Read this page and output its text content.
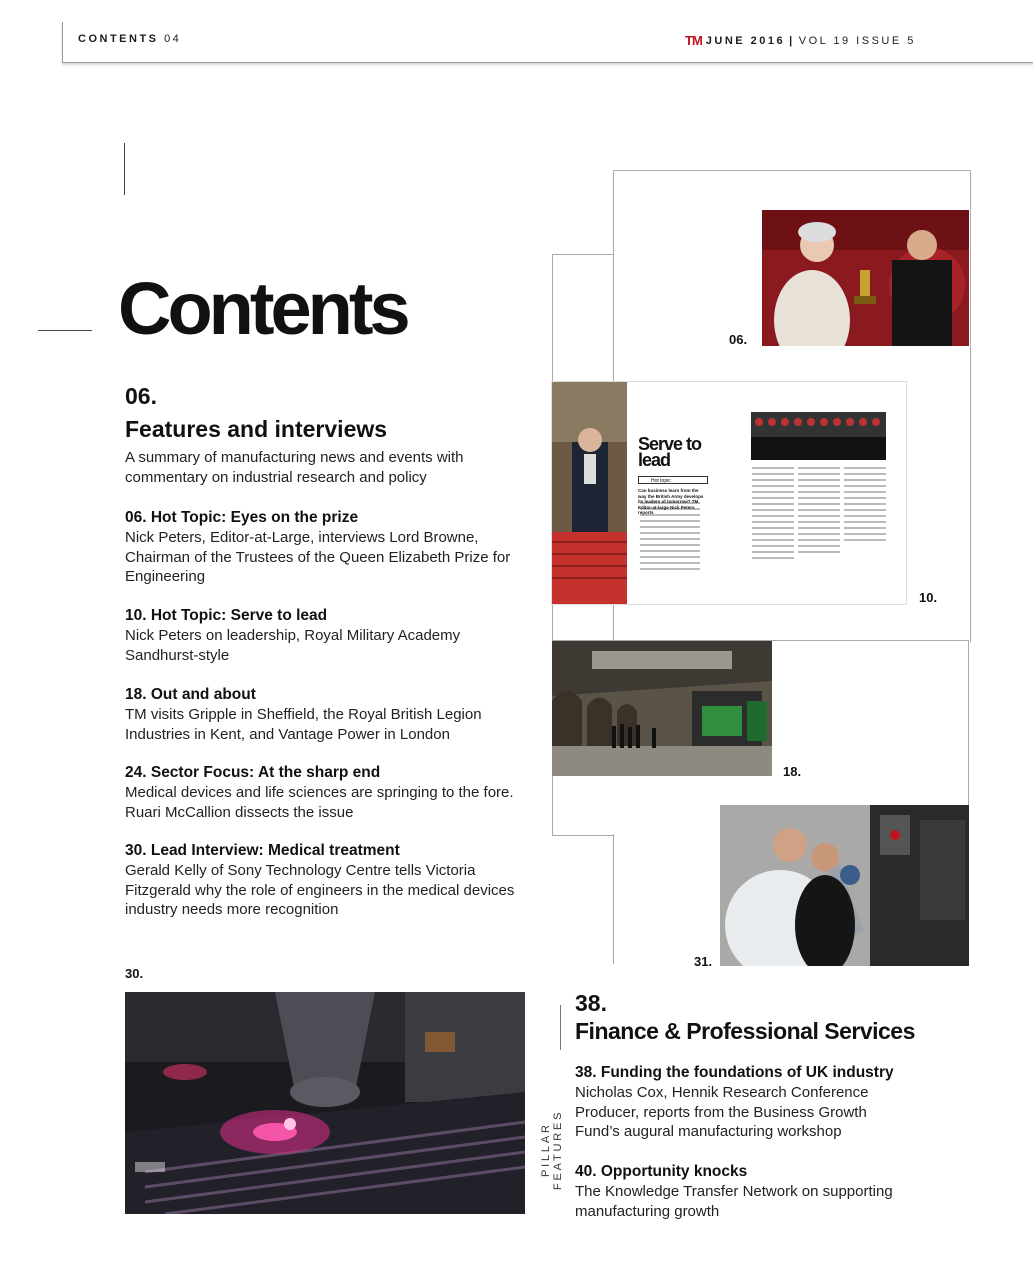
CONTENTS 04	TM JUNE 2016 | VOL 19 ISSUE 5
Contents
06.
Features and interviews
A summary of manufacturing news and events with commentary on industrial research and policy
06. Hot Topic: Eyes on the prize
Nick Peters, Editor-at-Large, interviews Lord Browne, Chairman of the Trustees of the Queen Elizabeth Prize for Engineering
10. Hot Topic: Serve to lead
Nick Peters on leadership, Royal Military Academy Sandhurst-style
18. Out and about
TM visits Gripple in Sheffield, the Royal British Legion Industries in Kent, and Vantage Power in London
24. Sector Focus: At the sharp end
Medical devices and life sciences are springing to the fore. Ruari McCallion dissects the issue
30. Lead Interview: Medical treatment
Gerald Kelly of Sony Technology Centre tells Victoria Fitzgerald why the role of engineers in the medical devices industry needs more recognition
06.
Serve to lead
Hot topic
Can business learn from the way the British Army develops its leaders of tomorrow? TM Editor-at-large Nick Peters reports
10.
18.
31.
30.
38.
Finance & Professional Services
PILLAR FEATURES
38. Funding the foundations of UK industry
Nicholas Cox, Hennik Research Conference Producer, reports from the Business Growth Fund’s augural manufacturing workshop
40. Opportunity knocks
The Knowledge Transfer Network on supporting manufacturing growth
